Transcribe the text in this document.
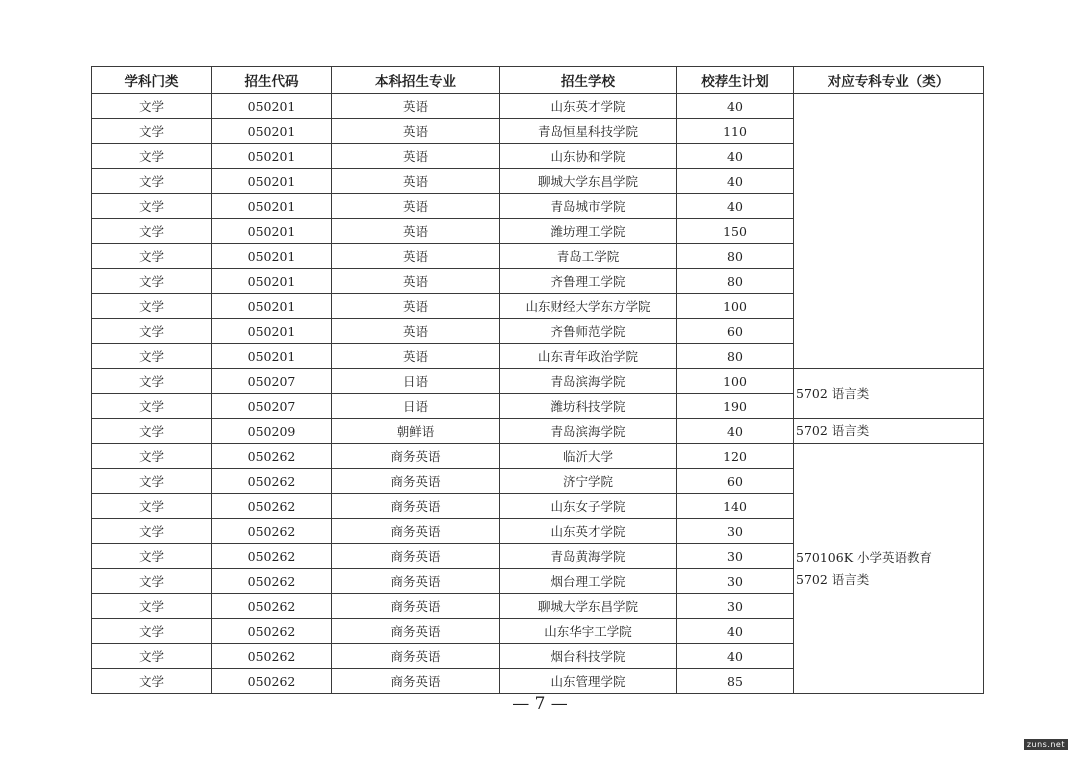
学科门类	招生代码	本科招生专业	招生学校	校荐生计划	对应专科专业（类）
文学	050201	英语	山东英才学院	40	
文学	050201	英语	青岛恒星科技学院	110	
文学	050201	英语	山东协和学院	40	
文学	050201	英语	聊城大学东昌学院	40	
文学	050201	英语	青岛城市学院	40	
文学	050201	英语	潍坊理工学院	150	
文学	050201	英语	青岛工学院	80	
文学	050201	英语	齐鲁理工学院	80	
文学	050201	英语	山东财经大学东方学院	100	
文学	050201	英语	齐鲁师范学院	60	
文学	050201	英语	山东青年政治学院	80	
文学	050207	日语	青岛滨海学院	100	5702 语言类

文学	050207	日语	潍坊科技学院	190	
文学	050209	朝鲜语	青岛滨海学院	40	5702 语言类

文学	050262	商务英语	临沂大学	120	570106K 小学英语教育
5702 语言类

文学	050262	商务英语	济宁学院	60	
文学	050262	商务英语	山东女子学院	140	
文学	050262	商务英语	山东英才学院	30	
文学	050262	商务英语	青岛黄海学院	30	
文学	050262	商务英语	烟台理工学院	30	
文学	050262	商务英语	聊城大学东昌学院	30	
文学	050262	商务英语	山东华宇工学院	40	
文学	050262	商务英语	烟台科技学院	40	
文学	050262	商务英语	山东管理学院	85	
— 7 —
zuns.net
